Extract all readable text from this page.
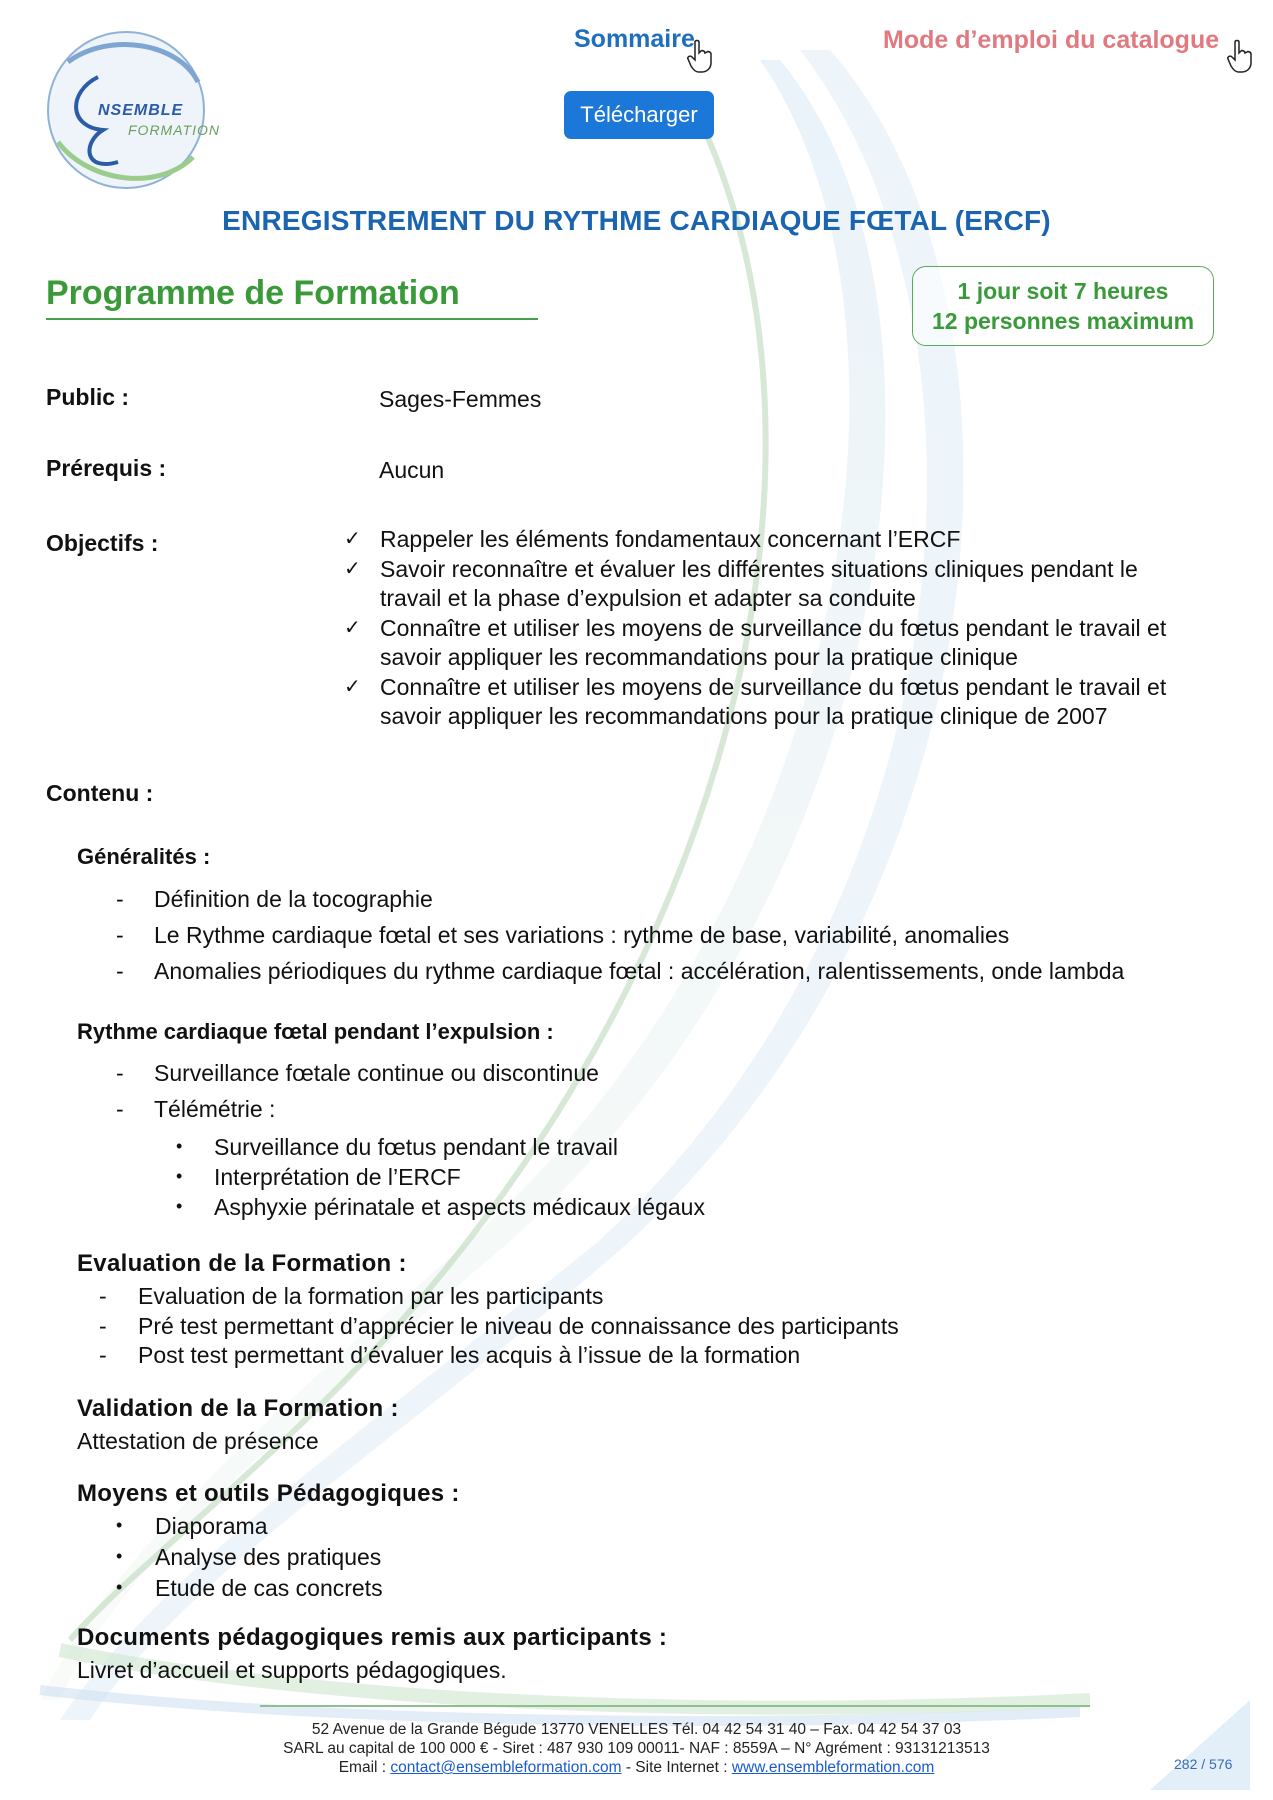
NSEMBLE
FORMATION
Sommaire	Mode d’emploi du catalogue
Télécharger
ENREGISTREMENT DU RYTHME CARDIAQUE FŒTAL (ERCF)
Programme de Formation	1 jour soit 7 heures
12 personnes maximum
Public :	Sages-Femmes
Prérequis :	Aucun
Objectifs :	✓ Rappeler les éléments fondamentaux concernant l’ERCF
✓ Savoir reconnaître et évaluer les différentes situations cliniques pendant le travail et la phase d’expulsion et adapter sa conduite
✓ Connaître et utiliser les moyens de surveillance du fœtus pendant le travail et savoir appliquer les recommandations pour la pratique clinique
✓ Connaître et utiliser les moyens de surveillance du fœtus pendant le travail et savoir appliquer les recommandations pour la pratique clinique de 2007
Contenu :
Généralités :
- Définition de la tocographie
- Le Rythme cardiaque fœtal et ses variations : rythme de base, variabilité, anomalies
- Anomalies périodiques du rythme cardiaque fœtal : accélération, ralentissements, onde lambda
Rythme cardiaque fœtal pendant l’expulsion :
- Surveillance fœtale continue ou discontinue
- Télémétrie :
• Surveillance du fœtus pendant le travail
• Interprétation de l’ERCF
• Asphyxie périnatale et aspects médicaux légaux
Evaluation de la Formation :
- Evaluation de la formation par les participants
- Pré test permettant d’apprécier le niveau de connaissance des participants
- Post test permettant d’évaluer les acquis à l’issue de la formation
Validation de la Formation :
Attestation de présence
Moyens et outils Pédagogiques :
• Diaporama
• Analyse des pratiques
• Etude de cas concrets
Documents pédagogiques remis aux participants :
Livret d’accueil et supports pédagogiques.
52 Avenue de la Grande Bégude 13770 VENELLES Tél. 04 42 54 31 40 – Fax. 04 42 54 37 03
SARL au capital de 100 000 € - Siret : 487 930 109 00011- NAF : 8559A – N° Agrément : 93131213513
Email : contact@ensembleformation.com - Site Internet : www.ensembleformation.com	282 / 576
